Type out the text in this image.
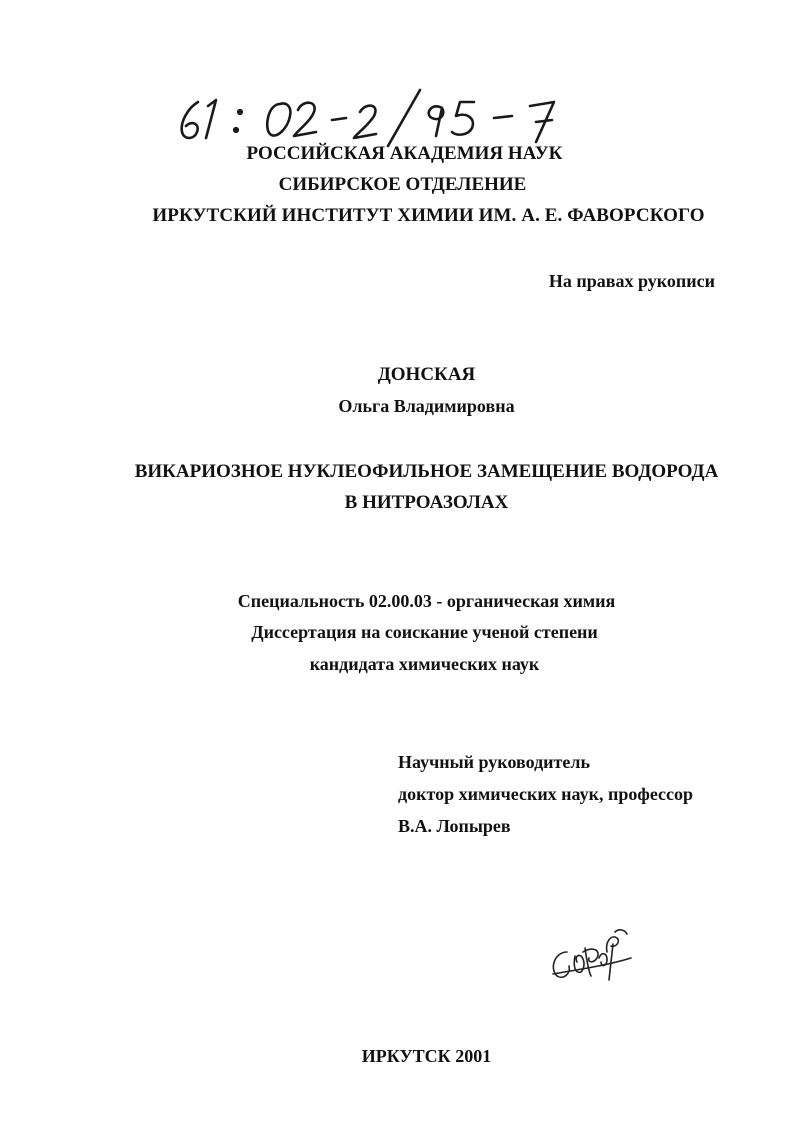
РОССИЙСКАЯ АКАДЕМИЯ НАУК
СИБИРСКОЕ ОТДЕЛЕНИЕ
ИРКУТСКИЙ ИНСТИТУТ ХИМИИ ИМ. А. Е. ФАВОРСКОГО
На правах рукописи
ДОНСКАЯ
Ольга Владимировна
ВИКАРИОЗНОЕ НУКЛЕОФИЛЬНОЕ ЗАМЕЩЕНИЕ ВОДОРОДА
В НИТРОАЗОЛАХ
Специальность 02.00.03 - органическая химия
Диссертация на соискание ученой степени
кандидата химических наук
Научный руководитель
доктор химических наук, профессор
В.А. Лопырев
ИРКУТСК 2001
